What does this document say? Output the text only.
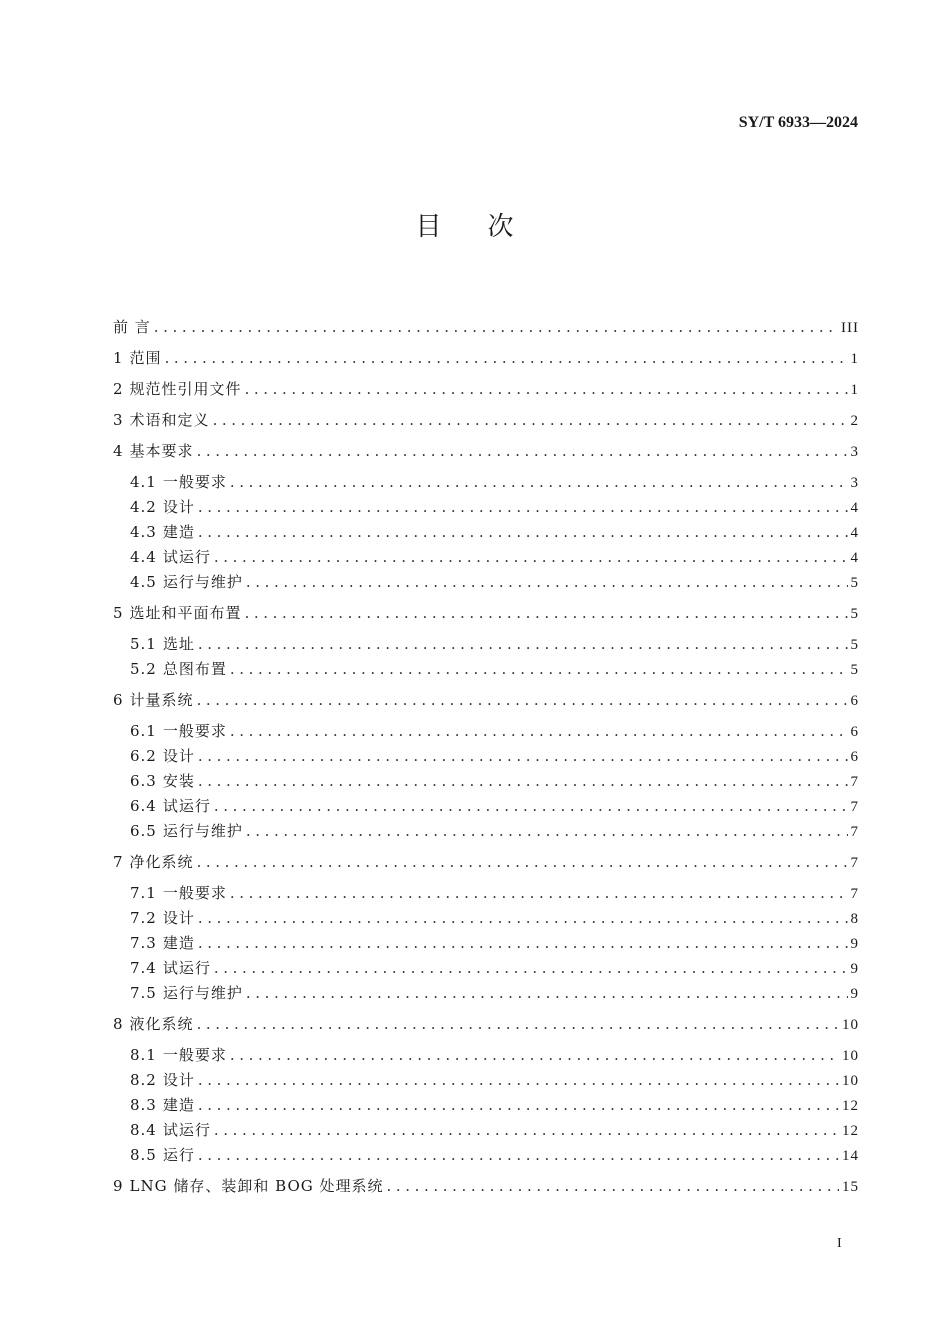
SY/T 6933—2024
目次
前 言 .....	III
1 范围 .....	1
2 规范性引用文件 .....	1
3 术语和定义 .....	2
4 基本要求 .....	3
4.1 一般要求 .....	3
4.2 设计 .....	4
4.3 建造 .....	4
4.4 试运行 .....	4
4.5 运行与维护 .....	5
5 选址和平面布置 .....	5
5.1 选址 .....	5
5.2 总图布置 .....	5
6 计量系统 .....	6
6.1 一般要求 .....	6
6.2 设计 .....	6
6.3 安装 .....	7
6.4 试运行 .....	7
6.5 运行与维护 .....	7
7 净化系统 .....	7
7.1 一般要求 .....	7
7.2 设计 .....	8
7.3 建造 .....	9
7.4 试运行 .....	9
7.5 运行与维护 .....	9
8 液化系统 .....	10
8.1 一般要求 .....	10
8.2 设计 .....	10
8.3 建造 .....	12
8.4 试运行 .....	12
8.5 运行 .....	14
9 LNG 储存、装卸和 BOG 处理系统 .....	15
I
